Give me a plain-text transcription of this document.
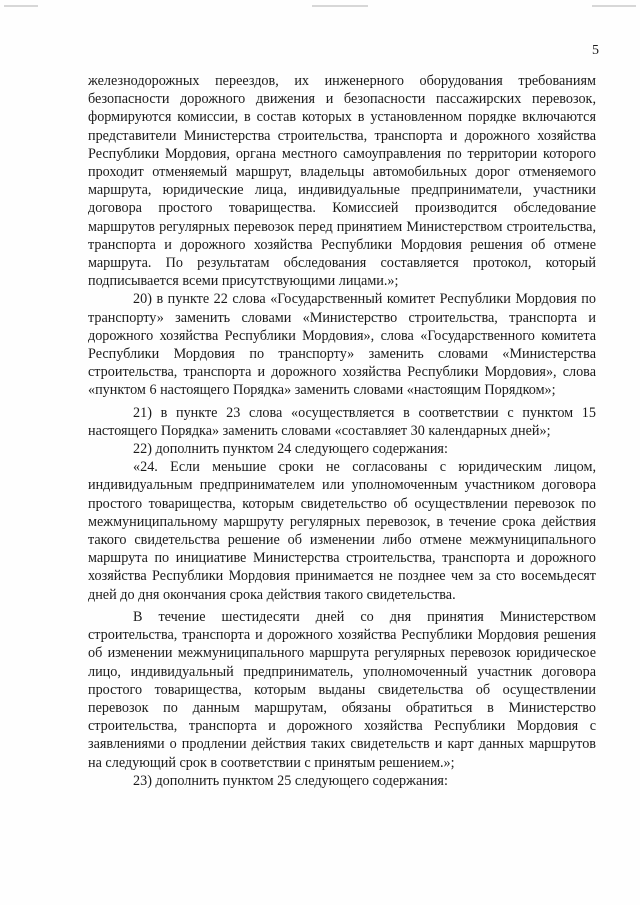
5

железнодорожных переездов, их инженерного оборудования требованиям безопасности дорожного движения и безопасности пассажирских перевозок, формируются комиссии, в состав которых в установленном порядке включаются представители Министерства строительства, транспорта и дорожного хозяйства Республики Мордовия, органа местного самоуправления по территории которого проходит отменяемый маршрут, владельцы автомобильных дорог отменяемого маршрута, юридические лица, индивидуальные предприниматели, участники договора простого товарищества. Комиссией производится обследование маршрутов регулярных перевозок перед принятием Министерством строительства, транспорта и дорожного хозяйства Республики Мордовия решения об отмене маршрута. По результатам обследования составляется протокол, который подписывается всеми присутствующими лицами.»;

20) в пункте 22 слова «Государственный комитет Республики Мордовия по транспорту» заменить словами «Министерство строительства, транспорта и дорожного хозяйства Республики Мордовия», слова «Государственного комитета Республики Мордовия по транспорту» заменить словами «Министерства строительства, транспорта и дорожного хозяйства Республики Мордовия», слова «пунктом 6 настоящего Порядка» заменить словами «настоящим Порядком»;

21) в пункте 23 слова «осуществляется в соответствии с пунктом 15 настоящего Порядка» заменить словами «составляет 30 календарных дней»;

22) дополнить пунктом 24 следующего содержания:

«24. Если меньшие сроки не согласованы с юридическим лицом, индивидуальным предпринимателем или уполномоченным участником договора простого товарищества, которым свидетельство об осуществлении перевозок по межмуниципальному маршруту регулярных перевозок, в течение срока действия такого свидетельства решение об изменении либо отмене межмуниципального маршрута по инициативе Министерства строительства, транспорта и дорожного хозяйства Республики Мордовия принимается не позднее чем за сто восемьдесят дней до дня окончания срока действия такого свидетельства.

В течение шестидесяти дней со дня принятия Министерством строительства, транспорта и дорожного хозяйства Республики Мордовия решения об изменении межмуниципального маршрута регулярных перевозок юридическое лицо, индивидуальный предприниматель, уполномоченный участник договора простого товарищества, которым выданы свидетельства об осуществлении перевозок по данным маршрутам, обязаны обратиться в Министерство строительства, транспорта и дорожного хозяйства Республики Мордовия с заявлениями о продлении действия таких свидетельств и карт данных маршрутов на следующий срок в соответствии с принятым решением.»;

23) дополнить пунктом 25 следующего содержания:
